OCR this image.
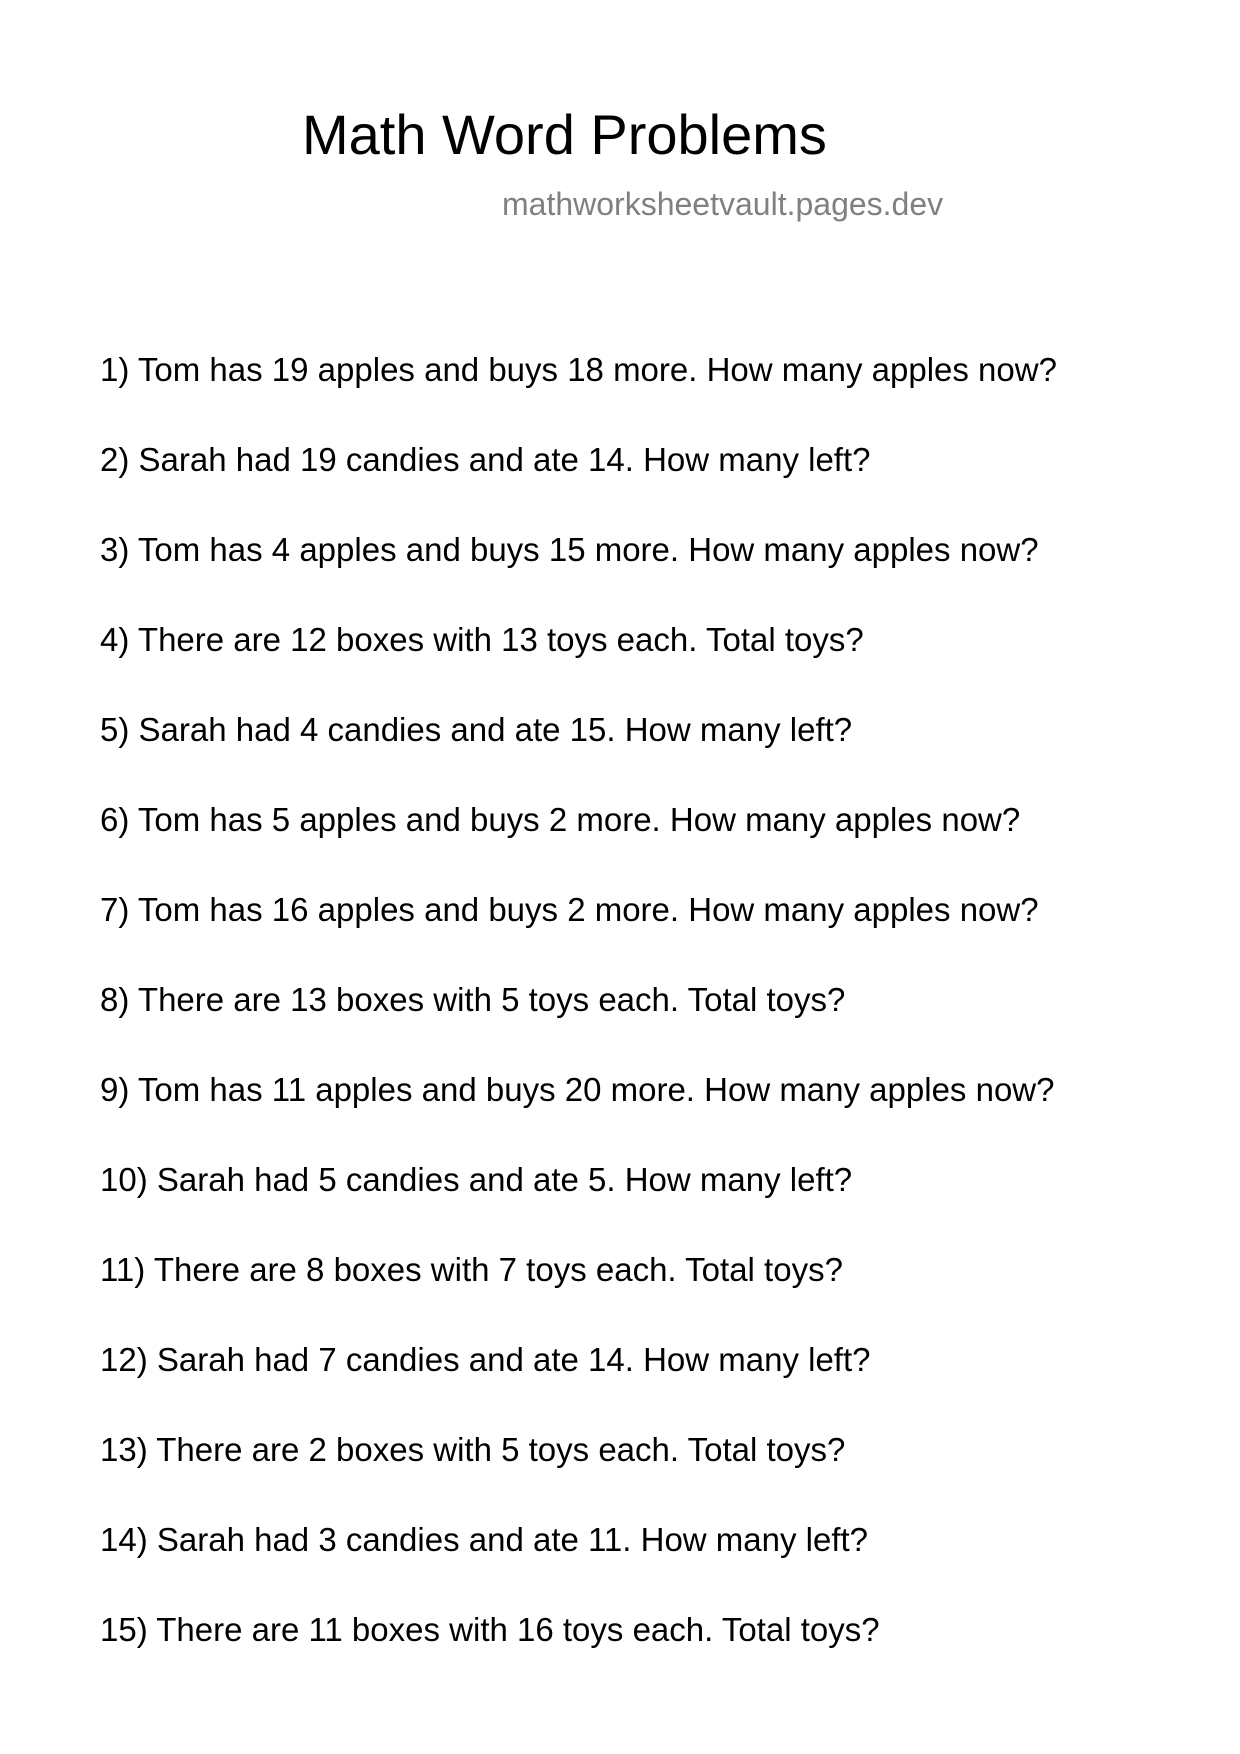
Math Word Problems
mathworksheetvault.pages.dev
1) Tom has 19 apples and buys 18 more. How many apples now?
2) Sarah had 19 candies and ate 14. How many left?
3) Tom has 4 apples and buys 15 more. How many apples now?
4) There are 12 boxes with 13 toys each. Total toys?
5) Sarah had 4 candies and ate 15. How many left?
6) Tom has 5 apples and buys 2 more. How many apples now?
7) Tom has 16 apples and buys 2 more. How many apples now?
8) There are 13 boxes with 5 toys each. Total toys?
9) Tom has 11 apples and buys 20 more. How many apples now?
10) Sarah had 5 candies and ate 5. How many left?
11) There are 8 boxes with 7 toys each. Total toys?
12) Sarah had 7 candies and ate 14. How many left?
13) There are 2 boxes with 5 toys each. Total toys?
14) Sarah had 3 candies and ate 11. How many left?
15) There are 11 boxes with 16 toys each. Total toys?
